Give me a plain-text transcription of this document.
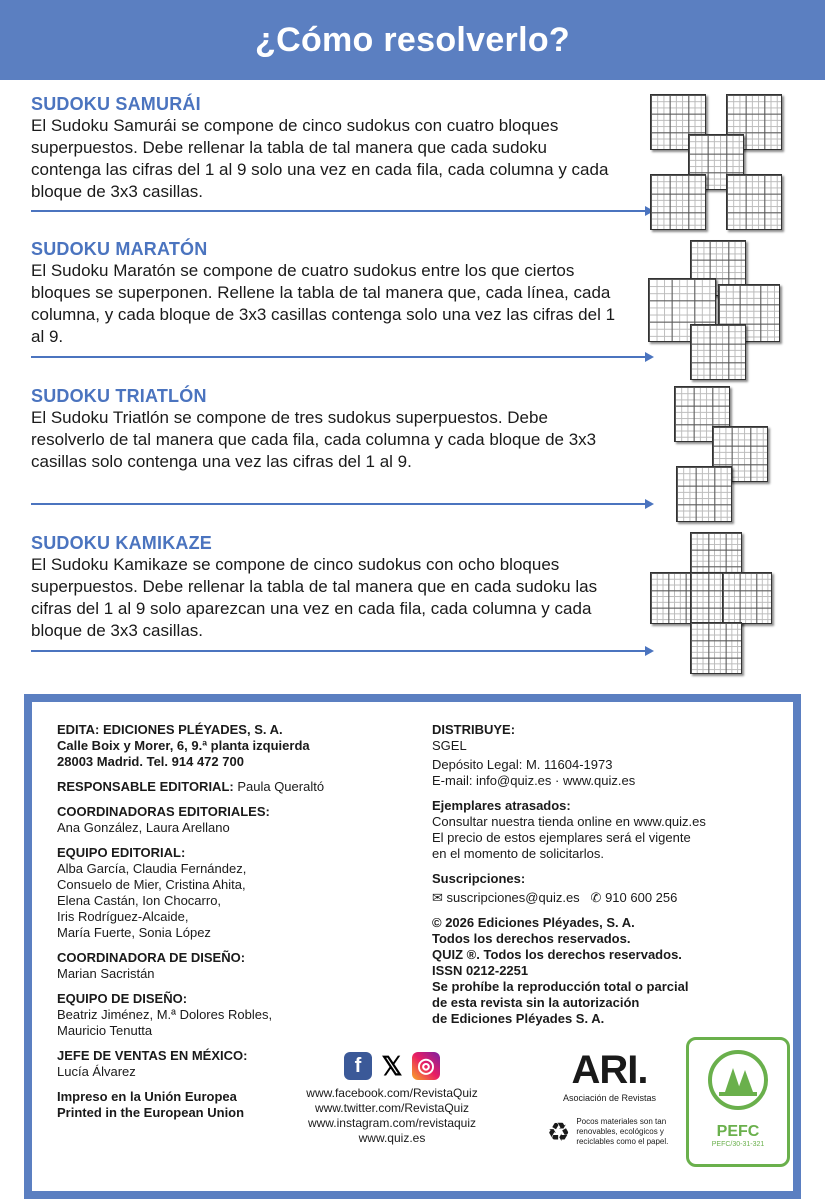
¿Cómo resolverlo?
SUDOKU SAMURÁI

El Sudoku Samurái se compone de cinco sudokus con cuatro bloques superpuestos. Debe rellenar la tabla de tal manera que cada sudoku contenga las cifras del 1 al 9 solo una vez en cada fila, cada columna y cada bloque de 3x3 casillas.

SUDOKU MARATÓN

El Sudoku Maratón se compone de cuatro sudokus entre los que ciertos bloques se superponen. Rellene la tabla de tal manera que, cada línea, cada columna, y cada bloque de 3x3 casillas contenga solo una vez las cifras del 1 al 9.

SUDOKU TRIATLÓN

El Sudoku Triatlón se compone de tres sudokus superpuestos. Debe resolverlo de tal manera que cada fila, cada columna y cada bloque de 3x3 casillas solo contenga una vez las cifras del 1 al 9.

SUDOKU KAMIKAZE

El Sudoku Kamikaze se compone de cinco sudokus con ocho bloques superpuestos. Debe rellenar la tabla de tal manera que en cada sudoku las cifras del 1 al 9 solo aparezcan una vez en cada fila, cada columna y cada bloque de 3x3 casillas.

EDITA: EDICIONES PLÉYADES, S. A.
Calle Boix y Morer, 6, 9.ª planta izquierda
28003 Madrid. Tel. 914 472 700
RESPONSABLE EDITORIAL: Paula Queraltó
COORDINADORAS EDITORIALES:
Ana González, Laura Arellano
EQUIPO EDITORIAL:
Alba García, Claudia Fernández,
Consuelo de Mier, Cristina Ahita,
Elena Castán, Ion Chocarro,
Iris Rodríguez-Alcaide,
María Fuerte, Sonia López
COORDINADORA DE DISEÑO:
Marian Sacristán
EQUIPO DE DISEÑO:
Beatriz Jiménez, M.ª Dolores Robles,
Mauricio Tenutta
JEFE DE VENTAS EN MÉXICO:
Lucía Álvarez
Impreso en la Unión Europea
Printed in the European Union
DISTRIBUYE:
SGEL
Depósito Legal: M. 11604-1973
E-mail: info@quiz.es · www.quiz.es
Ejemplares atrasados:
Consultar nuestra tienda online en www.quiz.es
El precio de estos ejemplares será el vigente
en el momento de solicitarlos.
Suscripciones:
✉ suscripciones@quiz.es ✆ 910 600 256
© 2026 Ediciones Pléyades, S. A.
Todos los derechos reservados.
QUIZ ®. Todos los derechos reservados.
ISSN 0212-2251
Se prohíbe la reproducción total o parcial
de esta revista sin la autorización
de Ediciones Pléyades S. A.
f 𝕏 ◎
www.facebook.com/RevistaQuiz
www.twitter.com/RevistaQuiz
www.instagram.com/revistaquiz
www.quiz.es
ARI.
Asociación de Revistas
♻ Pocos materiales son tan renovables, ecológicos y reciclables como el papel.
PEFC
PEFC/30-31-321
